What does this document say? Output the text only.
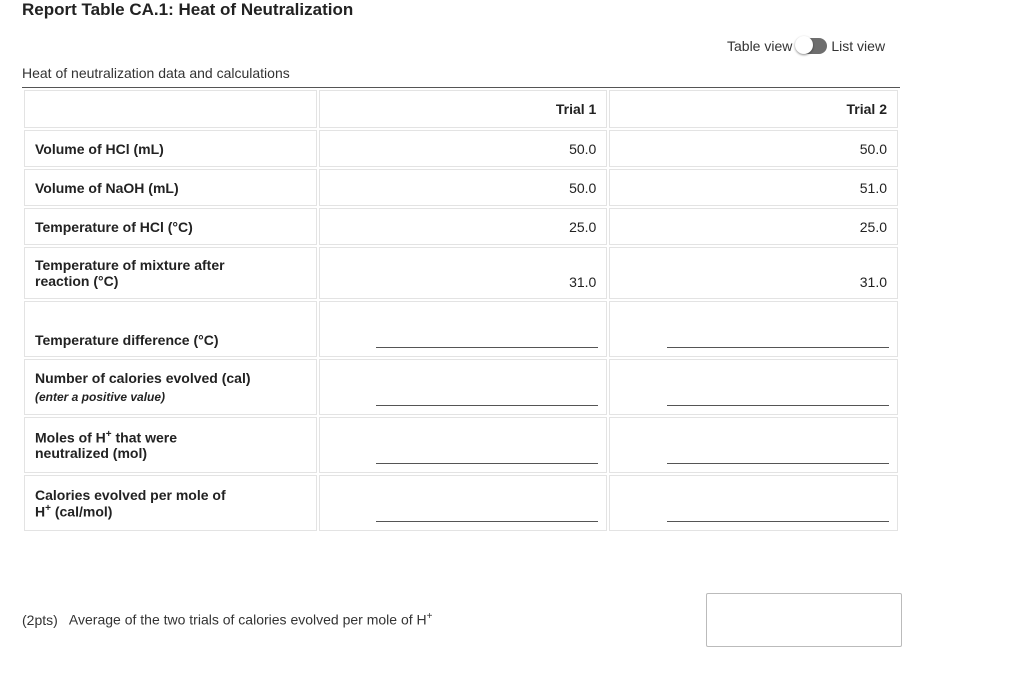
Report Table CA.1: Heat of Neutralization
Table view	List view
Heat of neutralization data and calculations
	Trial 1	Trial 2
Volume of HCl (mL)	50.0	50.0
Volume of NaOH (mL)	50.0	51.0
Temperature of HCl (°C)	25.0	25.0

Temperature of mixture after reaction (°C)	31.0	31.0
Temperature difference (°C)		
Number of calories evolved (cal)
(enter a positive value)

Moles of H+ that were neutralized (mol)

Calories evolved per mole of H+ (cal/mol)

(2pts) Average of the two trials of calories evolved per mole of H+
